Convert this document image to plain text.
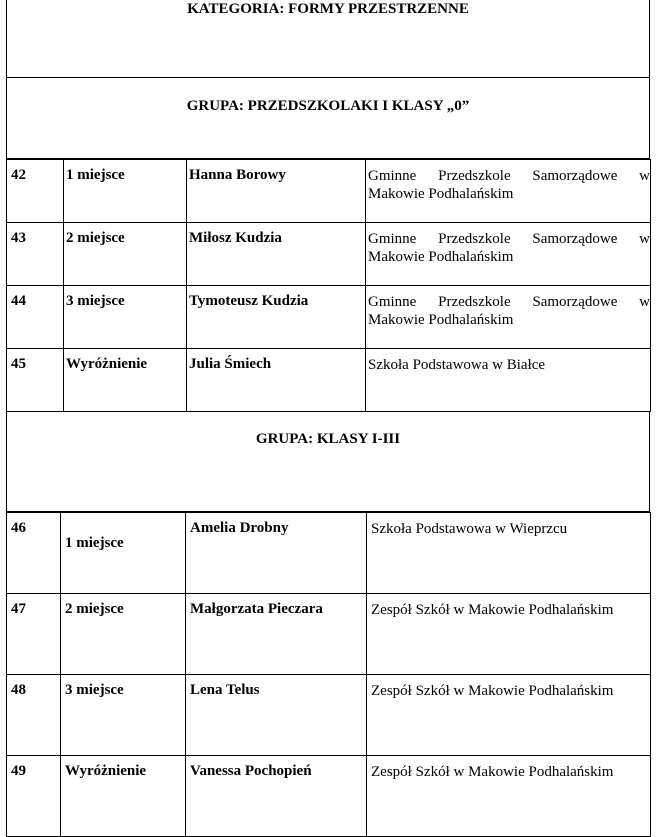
KATEGORIA: FORMY PRZESTRZENNE
GRUPA: PRZEDSZKOLAKI I KLASY „0”
42	1 miejsce	Hanna Borowy	Gminne Przedszkole Samorządowe w Makowie Podhalańskim
43	2 miejsce	Miłosz Kudzia	Gminne Przedszkole Samorządowe w Makowie Podhalańskim
44	3 miejsce	Tymoteusz Kudzia	Gminne Przedszkole Samorządowe w Makowie Podhalańskim
45	Wyróżnienie	Julia Śmiech	Szkoła Podstawowa w Białce
GRUPA: KLASY I-III
46	1 miejsce	Amelia Drobny	Szkoła Podstawowa w Wieprzcu
47	2 miejsce	Małgorzata Pieczara	Zespół Szkół w Makowie Podhalańskim
48	3 miejsce	Lena Telus	Zespół Szkół w Makowie Podhalańskim
49	Wyróżnienie	Vanessa Pochopień	Zespół Szkół w Makowie Podhalańskim
